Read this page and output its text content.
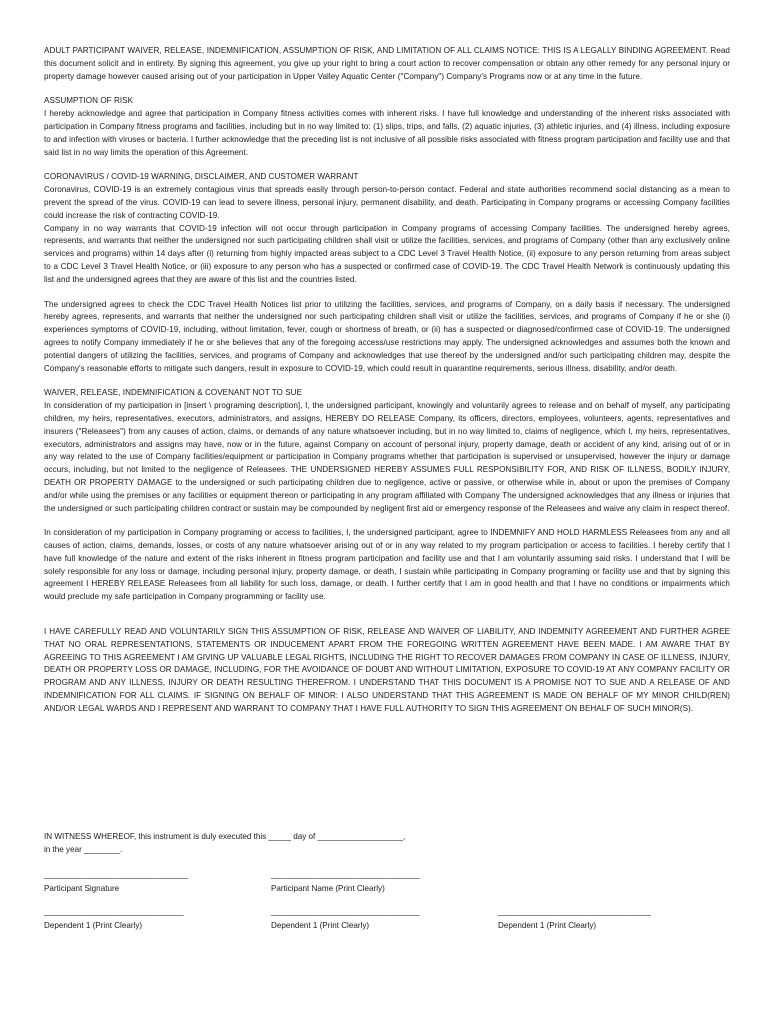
ADULT PARTICIPANT WAIVER, RELEASE, INDEMNIFICATION, ASSUMPTION OF RISK, AND LIMITATION OF ALL CLAIMS NOTICE: THIS IS A LEGALLY BINDING AGREEMENT. Read this document solicit and in entirety. By signing this agreement, you give up your right to bring a court action to recover compensation or obtain any other remedy for any personal injury or property damage however caused arising out of your participation in Upper Valley Aquatic Center ("Company") Company's Programs now or at any time in the future.

ASSUMPTION OF RISK

I hereby acknowledge and agree that participation in Company fitness activities comes with inherent risks. I have full knowledge and understanding of the inherent risks associated with participation in Company fitness programs and facilities, including but in no way limited to: (1) slips, trips, and falls, (2) aquatic injuries, (3) athletic injuries, and (4) illness, including exposure to and infection with viruses or bacteria. I further acknowledge that the preceding list is not inclusive of all possible risks associated with fitness program participation and facility use and that said list in no way limits the operation of this Agreement.

CORONAVIRUS / COVID-19 WARNING, DISCLAIMER, AND CUSTOMER WARRANT

Coronavirus, COVID-19 is an extremely contagious virus that spreads easily through person-to-person contact. Federal and state authorities recommend social distancing as a mean to prevent the spread of the virus. COVID-19 can lead to severe illness, personal injury, permanent disability, and death. Participating in Company programs or accessing Company facilities could increase the risk of contracting COVID-19.

Company in no way warrants that COVID-19 infection will not occur through participation in Company programs of accessing Company facilities. The undersigned hereby agrees, represents, and warrants that neither the undersigned nor such participating children shall visit or utilize the facilities, services, and programs of Company (other than any exclusively online services and programs) within 14 days after (i) returning from highly impacted areas subject to a CDC Level 3 Travel Health Notice, (ii) exposure to any person returning from areas subject to a CDC Level 3 Travel Health Notice, or (iii) exposure to any person who has a suspected or confirmed case of COVID-19. The CDC Travel Health Network is continuously updating this list and the undersigned agrees that they are aware of this list and the countries listed.

The undersigned agrees to check the CDC Travel Health Notices list prior to utilizing the facilities, services, and programs of Company, on a daily basis if necessary. The undersigned hereby agrees, represents, and warrants that neither the undersigned nor such participating children shall visit or utilize the facilities, services, and programs of Company if he or she (i) experiences symptoms of COVID-19, including, without limitation, fever, cough or shortness of breath, or (ii) has a suspected or diagnosed/confirmed case of COVID-19. The undersigned agrees to notify Company immediately if he or she believes that any of the foregoing access/use restrictions may apply. The undersigned acknowledges and assumes both the known and potential dangers of utilizing the facilities, services, and programs of Company and acknowledges that use thereof by the undersigned and/or such participating children may, despite the Company's reasonable efforts to mitigate such dangers, result in exposure to COVID-19, which could result in quarantine requirements, serious illness, disability, and/or death.

WAIVER, RELEASE, INDEMNIFICATION & COVENANT NOT TO SUE

In consideration of my participation in [insert \ programing description], I, the undersigned participant, knowingly and voluntarily agrees to release and on behalf of myself, any participating children, my heirs, representatives, executors, administrators, and assigns, HEREBY DO RELEASE Company, its officers, directors, employees, volunteers, agents, representatives and insurers ("Releasees") from any causes of action, claims, or demands of any nature whatsoever including, but in no way limited to, claims of negligence, which I, my heirs, representatives, executors, administrators and assigns may have, now or in the future, against Company on account of personal injury, property damage, death or accident of any kind, arising out of or in any way related to the use of Company facilities/equipment or participation in Company programs whether that participation is supervised or unsupervised, however the injury or damage occurs, including, but not limited to the negligence of Releasees. THE UNDERSIGNED HEREBY ASSUMES FULL RESPONSIBILITY FOR, AND RISK OF ILLNESS, BODILY INJURY, DEATH OR PROPERTY DAMAGE to the undersigned or such participating children due to negligence, active or passive, or otherwise while in, about or upon the premises of Company and/or while using the premises or any facilities or equipment thereon or participating in any program affiliated with Company The undersigned acknowledges that any illness or injuries that the undersigned or such participating children contract or sustain may be compounded by negligent first aid or emergency response of the Releasees and waive any claim in respect thereof.

In consideration of my participation in Company programing or access to facilities, I, the undersigned participant, agree to INDEMNIFY AND HOLD HARMLESS Releasees from any and all causes of action, claims, demands, losses, or costs of any nature whatsoever arising out of or in any way related to my program participation or access to facilities. I hereby certify that I have full knowledge of the nature and extent of the risks inherent in fitness program participation and facility use and that I am voluntarily assuming said risks. I understand that I will be solely responsible for any loss or damage, including personal injury, property damage, or death, I sustain while participating in Company programing or facility use and that by signing this agreement I HEREBY RELEASE Releasees from all liability for such loss, damage, or death. I further certify that I am in good health and that I have no conditions or impairments which would preclude my safe participation in Company programming or facility use.

I HAVE CAREFULLY READ AND VOLUNTARILY SIGN THIS ASSUMPTION OF RISK, RELEASE AND WAIVER OF LIABILITY, AND INDEMNITY AGREEMENT AND FURTHER AGREE THAT NO ORAL REPRESENTATIONS, STATEMENTS OR INDUCEMENT APART FROM THE FOREGOING WRITTEN AGREEMENT HAVE BEEN MADE. I AM AWARE THAT BY AGREEING TO THIS AGREEMENT I AM GIVING UP VALUABLE LEGAL RIGHTS, INCLUDING THE RIGHT TO RECOVER DAMAGES FROM COMPANY IN CASE OF ILLNESS, INJURY, DEATH OR PROPERTY LOSS OR DAMAGE, INCLUDING, FOR THE AVOIDANCE OF DOUBT AND WITHOUT LIMITATION, EXPOSURE TO COVID-19 AT ANY COMPANY FACILITY OR PROGRAM AND ANY ILLNESS, INJURY OR DEATH RESULTING THEREFROM. I UNDERSTAND THAT THIS DOCUMENT IS A PROMISE NOT TO SUE AND A RELEASE OF AND INDEMNIFICATION FOR ALL CLAIMS. IF SIGNING ON BEHALF OF MINOR: I ALSO UNDERSTAND THAT THIS AGREEMENT IS MADE ON BEHALF OF MY MINOR CHILD(REN) AND/OR LEGAL WARDS AND I REPRESENT AND WARRANT TO COMPANY THAT I HAVE FULL AUTHORITY TO SIGN THIS AGREEMENT ON BEHALF OF SUCH MINOR(S).

IN WITNESS WHEREOF, this instrument is duly executed this _____ day of ___________________,
in the year ________.
________________________________
Participant Signature
_________________________________
Participant Name (Print Clearly)
_______________________________
Dependent 1 (Print Clearly)
_________________________________
Dependent 1 (Print Clearly)
__________________________________
Dependent 1 (Print Clearly)
